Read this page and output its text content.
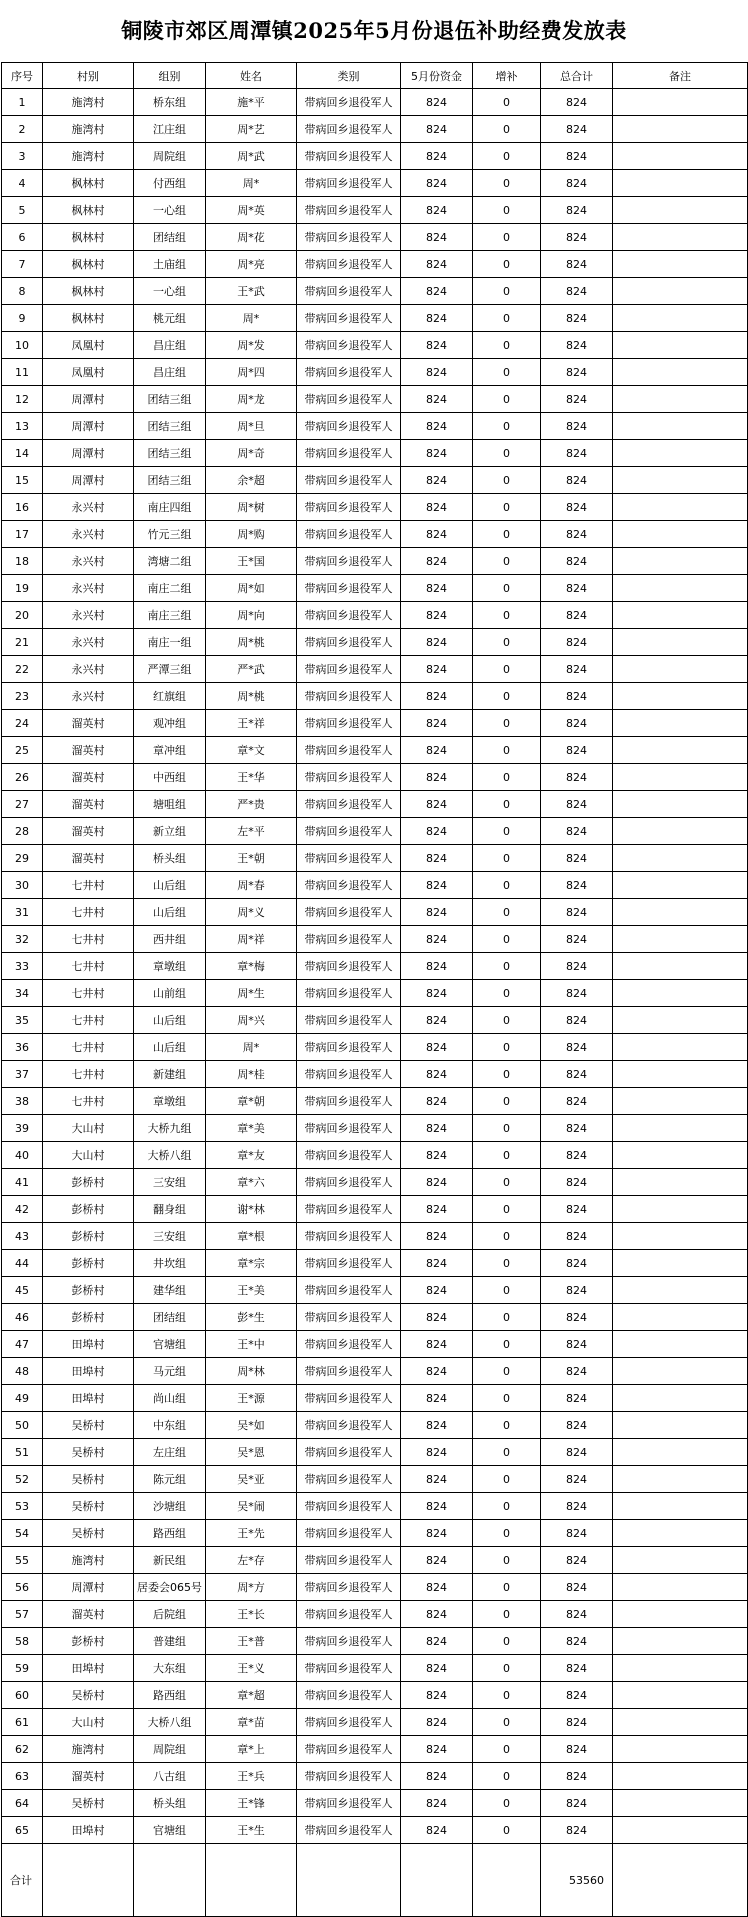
铜陵市郊区周潭镇2025年5月份退伍补助经费发放表
序号	村别	组别	姓名	类别	5月份资金	增补	总合计	备注
1	施湾村	桥东组	施*平	带病回乡退役军人	824	0	824	
2	施湾村	江庄组	周*艺	带病回乡退役军人	824	0	824	
3	施湾村	周院组	周*武	带病回乡退役军人	824	0	824	
4	枫林村	付西组	周*	带病回乡退役军人	824	0	824	
5	枫林村	一心组	周*英	带病回乡退役军人	824	0	824	
6	枫林村	团结组	周*花	带病回乡退役军人	824	0	824	
7	枫林村	土庙组	周*亮	带病回乡退役军人	824	0	824	
8	枫林村	一心组	王*武	带病回乡退役军人	824	0	824	
9	枫林村	桃元组	周*	带病回乡退役军人	824	0	824	
10	凤凰村	昌庄组	周*发	带病回乡退役军人	824	0	824	
11	凤凰村	昌庄组	周*四	带病回乡退役军人	824	0	824	
12	周潭村	团结三组	周*龙	带病回乡退役军人	824	0	824	
13	周潭村	团结三组	周*旦	带病回乡退役军人	824	0	824	
14	周潭村	团结三组	周*奇	带病回乡退役军人	824	0	824	
15	周潭村	团结三组	余*超	带病回乡退役军人	824	0	824	
16	永兴村	南庄四组	周*树	带病回乡退役军人	824	0	824	
17	永兴村	竹元三组	周*购	带病回乡退役军人	824	0	824	
18	永兴村	湾塘二组	王*国	带病回乡退役军人	824	0	824	
19	永兴村	南庄二组	周*如	带病回乡退役军人	824	0	824	
20	永兴村	南庄三组	周*向	带病回乡退役军人	824	0	824	
21	永兴村	南庄一组	周*桃	带病回乡退役军人	824	0	824	
22	永兴村	严潭三组	严*武	带病回乡退役军人	824	0	824	
23	永兴村	红旗组	周*桃	带病回乡退役军人	824	0	824	
24	溜英村	观冲组	王*祥	带病回乡退役军人	824	0	824	
25	溜英村	章冲组	章*文	带病回乡退役军人	824	0	824	
26	溜英村	中西组	王*华	带病回乡退役军人	824	0	824	
27	溜英村	塘咀组	严*贵	带病回乡退役军人	824	0	824	
28	溜英村	新立组	左*平	带病回乡退役军人	824	0	824	
29	溜英村	桥头组	王*朝	带病回乡退役军人	824	0	824	
30	七井村	山后组	周*春	带病回乡退役军人	824	0	824	
31	七井村	山后组	周*义	带病回乡退役军人	824	0	824	
32	七井村	西井组	周*祥	带病回乡退役军人	824	0	824	
33	七井村	章墩组	章*梅	带病回乡退役军人	824	0	824	
34	七井村	山前组	周*生	带病回乡退役军人	824	0	824	
35	七井村	山后组	周*兴	带病回乡退役军人	824	0	824	
36	七井村	山后组	周*	带病回乡退役军人	824	0	824	
37	七井村	新建组	周*桂	带病回乡退役军人	824	0	824	
38	七井村	章墩组	章*朝	带病回乡退役军人	824	0	824	
39	大山村	大桥九组	章*美	带病回乡退役军人	824	0	824	
40	大山村	大桥八组	章*友	带病回乡退役军人	824	0	824	
41	彭桥村	三安组	章*六	带病回乡退役军人	824	0	824	
42	彭桥村	翻身组	谢*林	带病回乡退役军人	824	0	824	
43	彭桥村	三安组	章*根	带病回乡退役军人	824	0	824	
44	彭桥村	井坎组	章*宗	带病回乡退役军人	824	0	824	
45	彭桥村	建华组	王*美	带病回乡退役军人	824	0	824	
46	彭桥村	团结组	彭*生	带病回乡退役军人	824	0	824	
47	田埠村	官塘组	王*中	带病回乡退役军人	824	0	824	
48	田埠村	马元组	周*林	带病回乡退役军人	824	0	824	
49	田埠村	尚山组	王*源	带病回乡退役军人	824	0	824	
50	吴桥村	中东组	吴*如	带病回乡退役军人	824	0	824	
51	吴桥村	左庄组	吴*恩	带病回乡退役军人	824	0	824	
52	吴桥村	陈元组	吴*亚	带病回乡退役军人	824	0	824	
53	吴桥村	沙塘组	吴*闹	带病回乡退役军人	824	0	824	
54	吴桥村	路西组	王*先	带病回乡退役军人	824	0	824	
55	施湾村	新民组	左*存	带病回乡退役军人	824	0	824	
56	周潭村	居委会065号	周*方	带病回乡退役军人	824	0	824	
57	溜英村	后院组	王*长	带病回乡退役军人	824	0	824	
58	彭桥村	普建组	王*普	带病回乡退役军人	824	0	824	
59	田埠村	大东组	王*义	带病回乡退役军人	824	0	824	
60	吴桥村	路西组	章*超	带病回乡退役军人	824	0	824	
61	大山村	大桥八组	章*苗	带病回乡退役军人	824	0	824	
62	施湾村	周院组	章*上	带病回乡退役军人	824	0	824	
63	溜英村	八古组	王*兵	带病回乡退役军人	824	0	824	
64	吴桥村	桥头组	王*锋	带病回乡退役军人	824	0	824	
65	田埠村	官塘组	王*生	带病回乡退役军人	824	0	824	
合计							53560	
